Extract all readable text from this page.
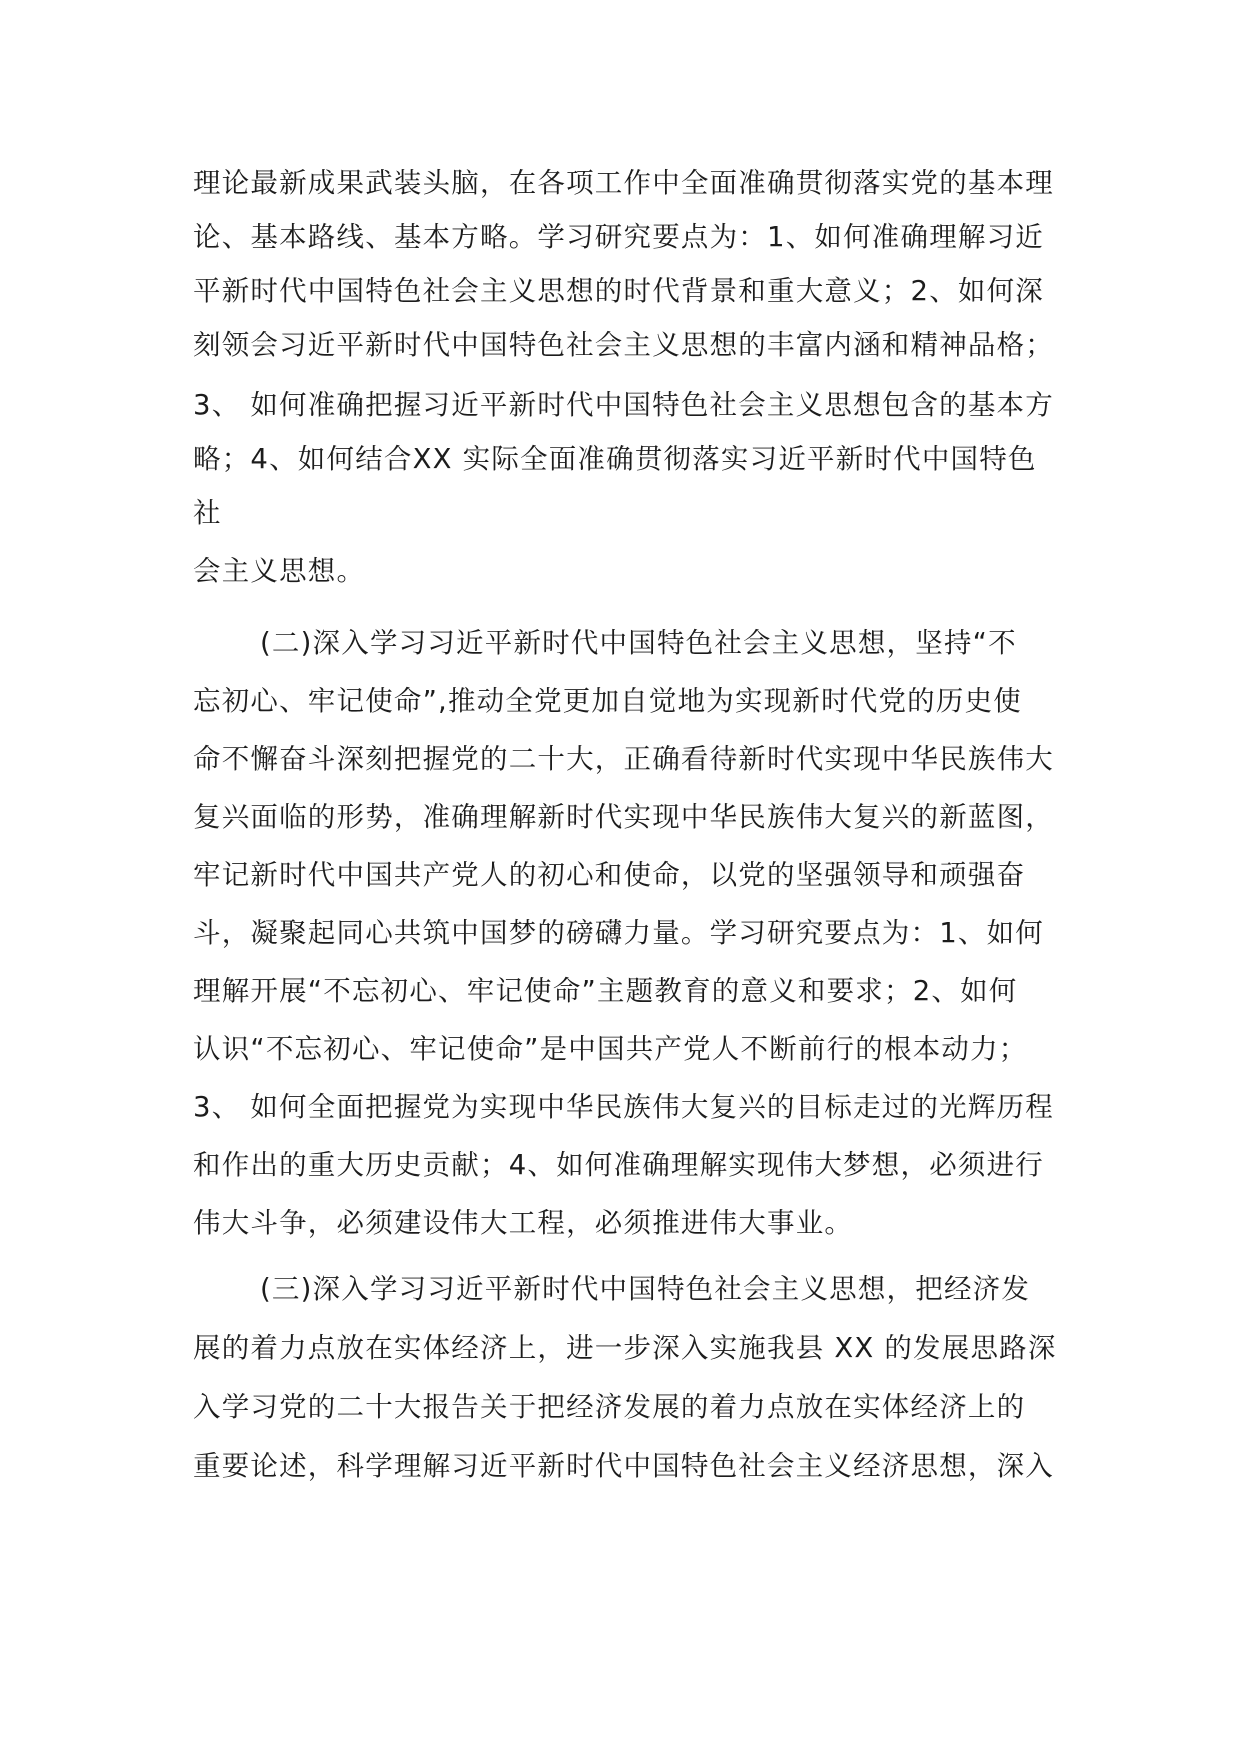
理论最新成果武装头脑，在各项工作中全面准确贯彻落实党的基本理
论、基本路线、基本方略。学习研究要点为：1、如何准确理解习近
平新时代中国特色社会主义思想的时代背景和重大意义；2、如何深
刻领会习近平新时代中国特色社会主义思想的丰富内涵和精神品格；
3、 如何准确把握习近平新时代中国特色社会主义思想包含的基本方
略；4、如何结合XX 实际全面准确贯彻落实习近平新时代中国特色
社
会主义思想。
(二)深入学习习近平新时代中国特色社会主义思想，坚持“不
忘初心、牢记使命”,推动全党更加自觉地为实现新时代党的历史使
命不懈奋斗深刻把握党的二十大，正确看待新时代实现中华民族伟大
复兴面临的形势，准确理解新时代实现中华民族伟大复兴的新蓝图，
牢记新时代中国共产党人的初心和使命，以党的坚强领导和顽强奋
斗，凝聚起同心共筑中国梦的磅礴力量。学习研究要点为：1、如何
理解开展“不忘初心、牢记使命”主题教育的意义和要求；2、如何
认识“不忘初心、牢记使命”是中国共产党人不断前行的根本动力；
3、 如何全面把握党为实现中华民族伟大复兴的目标走过的光辉历程
和作出的重大历史贡献；4、如何准确理解实现伟大梦想，必须进行
伟大斗争，必须建设伟大工程，必须推进伟大事业。
(三)深入学习习近平新时代中国特色社会主义思想，把经济发
展的着力点放在实体经济上，进一步深入实施我县 XX 的发展思路深
入学习党的二十大报告关于把经济发展的着力点放在实体经济上的
重要论述，科学理解习近平新时代中国特色社会主义经济思想，深入
